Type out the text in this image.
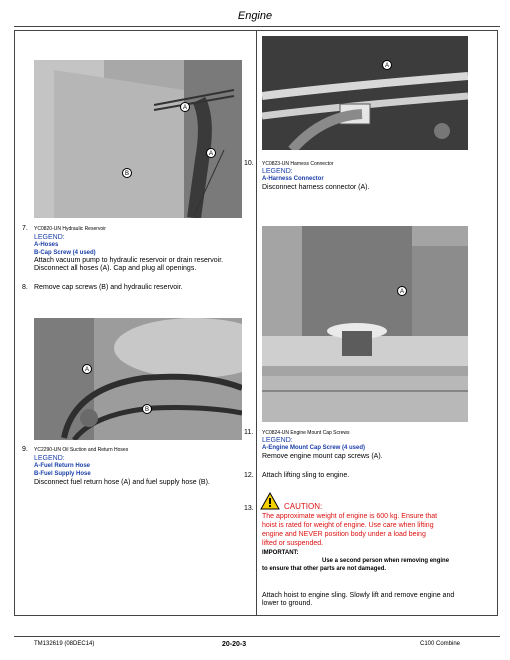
Engine
A
A
B
7. YC0820-UN Hydraulic Reservoir
LEGEND:
A-Hoses
B-Cap Screw (4 used)
Attach vacuum pump to hydraulic reservoir or drain reservoir.
Disconnect all hoses (A). Cap and plug all openings.
8. Remove cap screws (B) and hydraulic reservoir.
A
B
9. YC2290-UN Oil Suction and Return Hoses
LEGEND:
A-Fuel Return Hose
B-Fuel Supply Hose
Disconnect fuel return hose (A) and fuel supply hose (B).
A
10. YC0823-UN Harness Connector
LEGEND:
A-Harness Connector
Disconnect harness connector (A).
A
11. YC0824-UN Engine Mount Cap Screws
LEGEND:
A-Engine Mount Cap Screw (4 used)
Remove engine mount cap screws (A).
12. Attach lifting sling to engine.
13.	CAUTION:
The approximate weight of engine is 600 kg. Ensure that
hoist is rated for weight of engine. Use care when lifting
engine and NEVER position body under a load being
lifted or suspended.
IMPORTANT:
Use a second person when removing engine
to ensure that other parts are not damaged.
Attach hoist to engine sling. Slowly lift and remove engine and
lower to ground.
TM132619 (08DEC14)	20-20-3	C100 Combine
